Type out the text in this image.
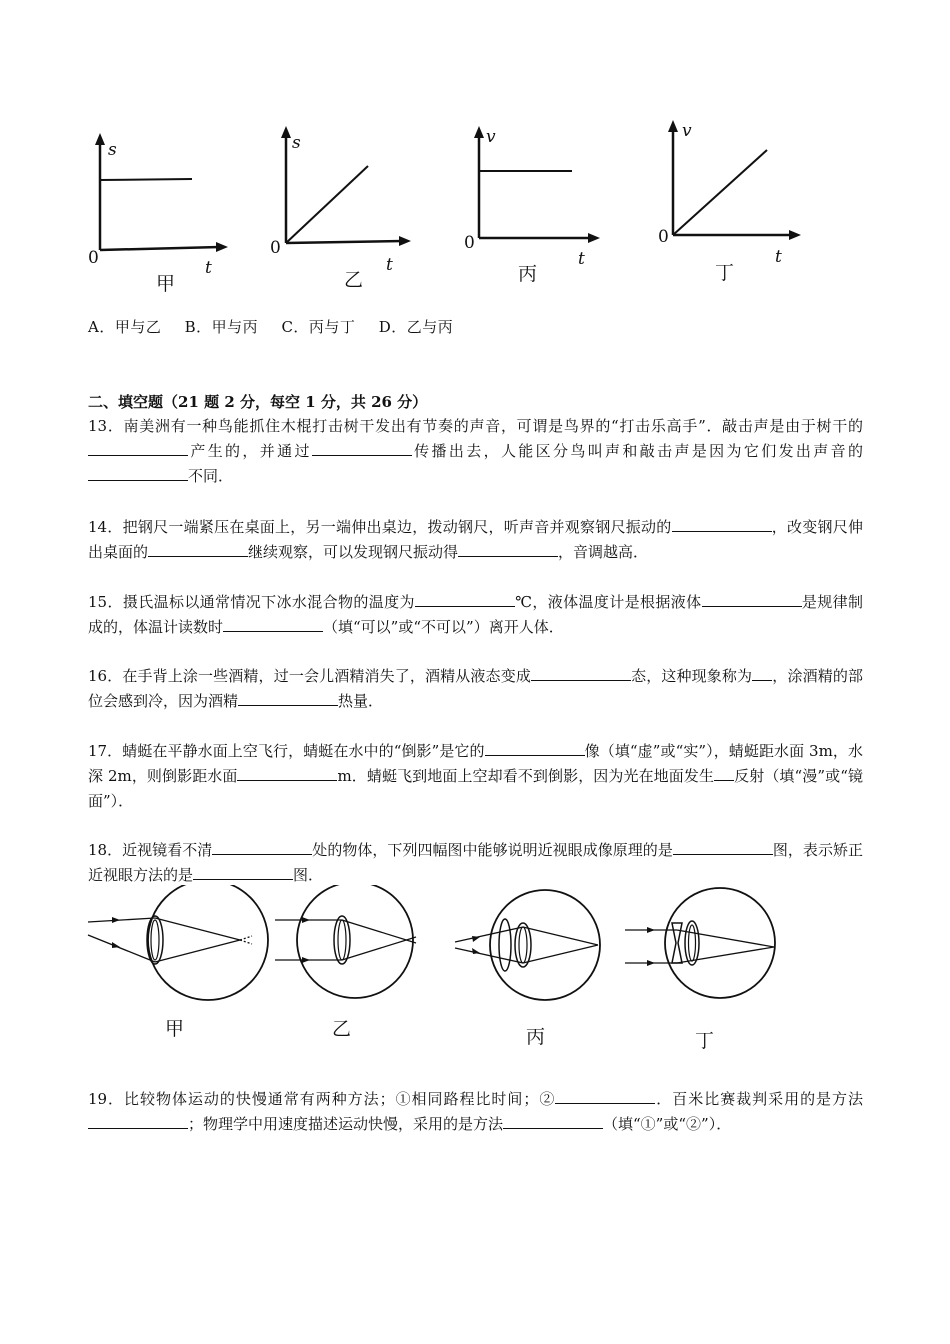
s
0	t
甲
s
0
t
乙
v
0
t
丙
v
0
t
丁
A．甲与乙 B．甲与丙 C．丙与丁 D．乙与丙
二、填空题（21 题 2 分，每空 1 分，共 26 分）
13．南美洲有一种鸟能抓住木棍打击树干发出有节奏的声音，可谓是鸟界的“打击乐高手”．敲击声是由于树干的产生的，并通过	传播出去，人能区分鸟叫声和敲击声是因为它们发出声音的不同．
14．把钢尺一端紧压在桌面上，另一端伸出桌边，拨动钢尺，听声音并观察钢尺振动的	，改变钢尺伸出桌面的	继续观察，可以发现钢尺振动得	，音调越高．
15．摄氏温标以通常情况下冰水混合物的温度为	℃，液体温度计是根据液体	是规律制成的，体温计读数时	（填“可以”或“不可以”）离开人体．
16．在手背上涂一些酒精，过一会儿酒精消失了，酒精从液态变成	态，这种现象称为 ，涂酒精的部位会感到冷，因为酒精	热量．
17．蜻蜓在平静水面上空飞行，蜻蜓在水中的“倒影”是它的	像（填“虚”或“实”），蜻蜓距水面 3m，水深 2m，则倒影距水面	m．蜻蜓飞到地面上空却看不到倒影，因为光在地面发生 反射（填“漫”或“镜面”）．
18．近视镜看不清	处的物体，下列四幅图中能够说明近视眼成像原理的是	图，表示矫正近视眼方法的是	图．
甲	乙	丙	丁
19．比较物体运动的快慢通常有两种方法；①相同路程比时间；②	．百米比赛裁判采用的是方法；物理学中用速度描述运动快慢，采用的是方法	（填“①”或“②”）．
